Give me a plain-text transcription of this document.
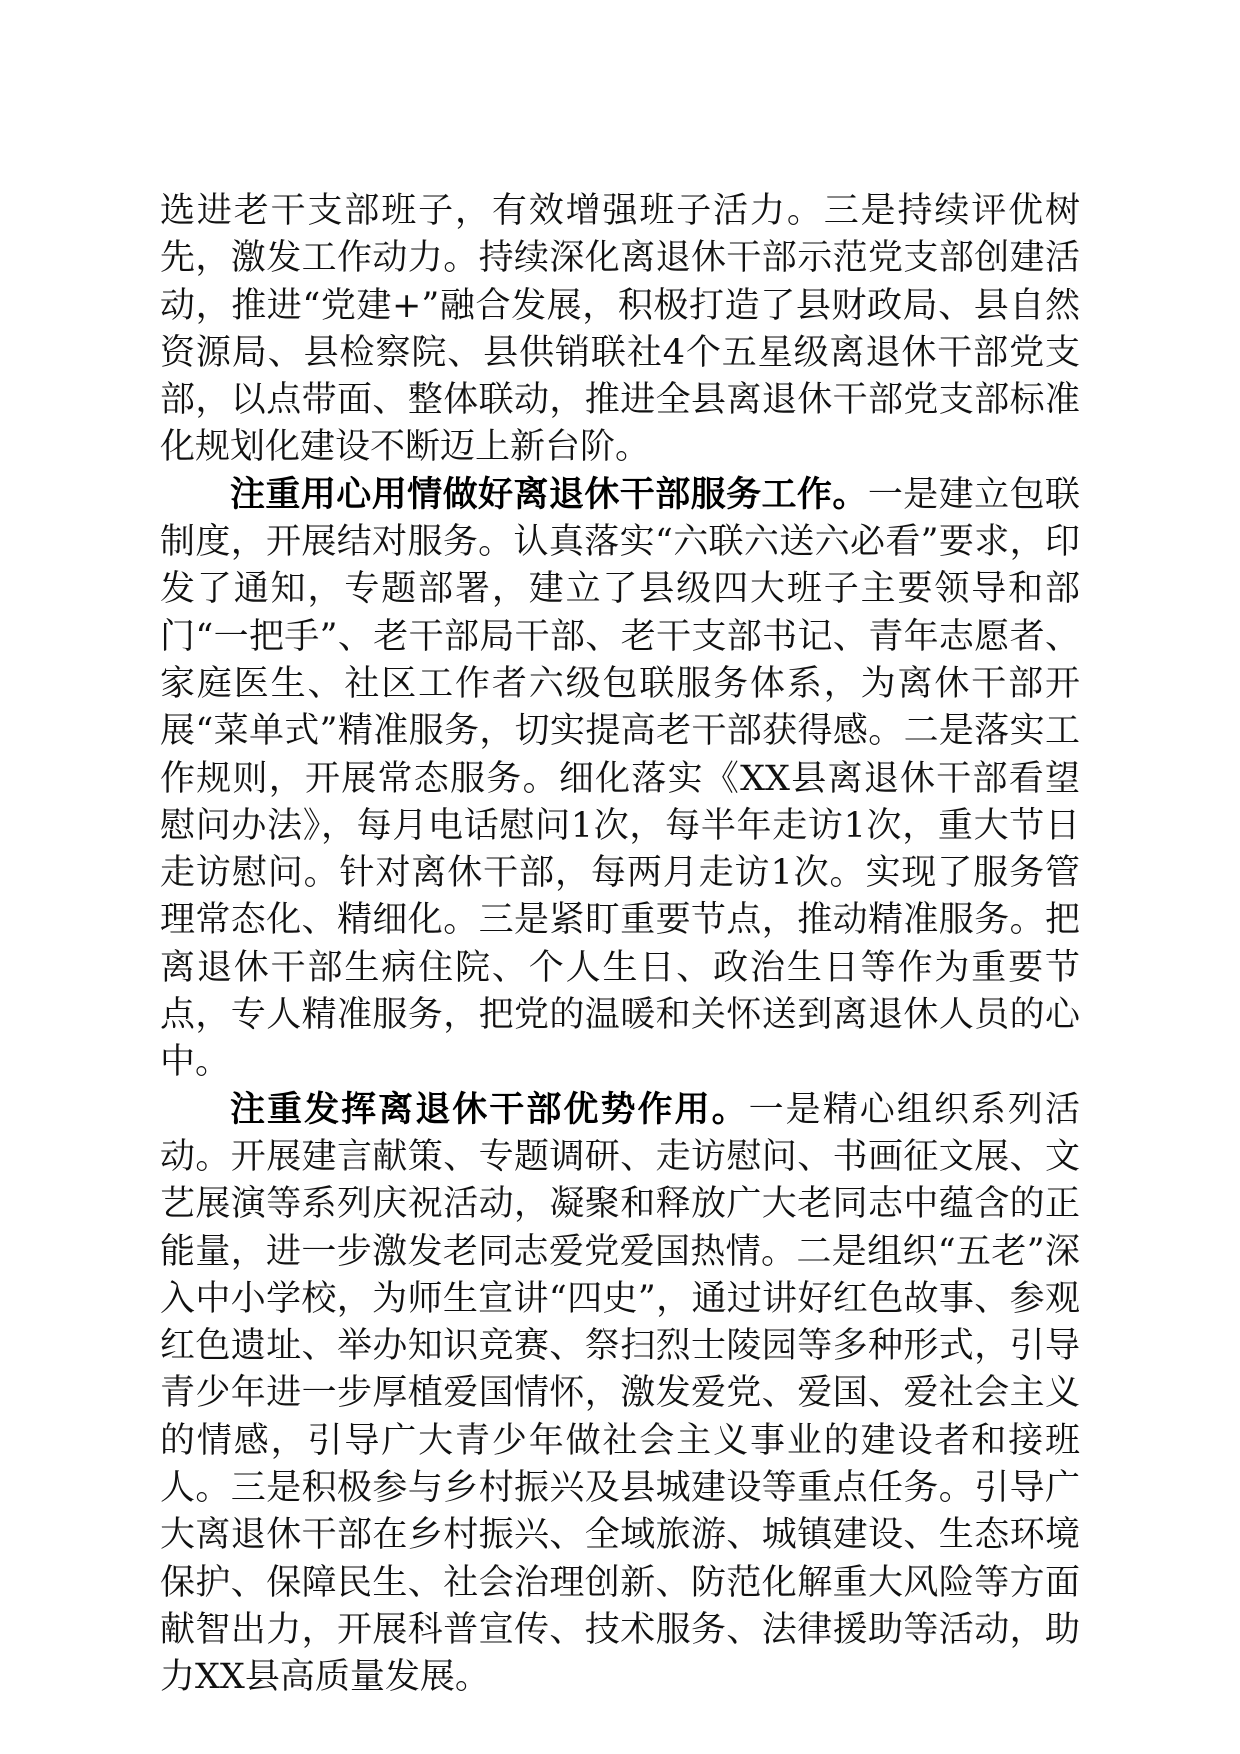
选进老干支部班子，有效增强班子活力。三是持续评优树先，激发工作动力。持续深化离退休干部示范党支部创建活动，推进“党建+”融合发展，积极打造了县财政局、县自然资源局、县检察院、县供销联社4个五星级离退休干部党支部，以点带面、整体联动，推进全县离退休干部党支部标准化规划化建设不断迈上新台阶。

注重用心用情做好离退休干部服务工作。一是建立包联制度，开展结对服务。认真落实“六联六送六必看”要求，印发了通知，专题部署，建立了县级四大班子主要领导和部门“一把手”、老干部局干部、老干支部书记、青年志愿者、家庭医生、社区工作者六级包联服务体系，为离休干部开展“菜单式”精准服务，切实提高老干部获得感。二是落实工作规则，开展常态服务。细化落实《XX县离退休干部看望慰问办法》，每月电话慰问1次，每半年走访1次，重大节日走访慰问。针对离休干部，每两月走访1次。实现了服务管理常态化、精细化。三是紧盯重要节点，推动精准服务。把离退休干部生病住院、个人生日、政治生日等作为重要节点，专人精准服务，把党的温暖和关怀送到离退休人员的心中。

注重发挥离退休干部优势作用。一是精心组织系列活动。开展建言献策、专题调研、走访慰问、书画征文展、文艺展演等系列庆祝活动，凝聚和释放广大老同志中蕴含的正能量，进一步激发老同志爱党爱国热情。二是组织“五老”深入中小学校，为师生宣讲“四史”，通过讲好红色故事、参观红色遗址、举办知识竞赛、祭扫烈士陵园等多种形式，引导青少年进一步厚植爱国情怀，激发爱党、爱国、爱社会主义的情感，引导广大青少年做社会主义事业的建设者和接班人。三是积极参与乡村振兴及县城建设等重点任务。引导广大离退休干部在乡村振兴、全域旅游、城镇建设、生态环境保护、保障民生、社会治理创新、防范化解重大风险等方面献智出力，开展科普宣传、技术服务、法律援助等活动，助力XX县高质量发展。
